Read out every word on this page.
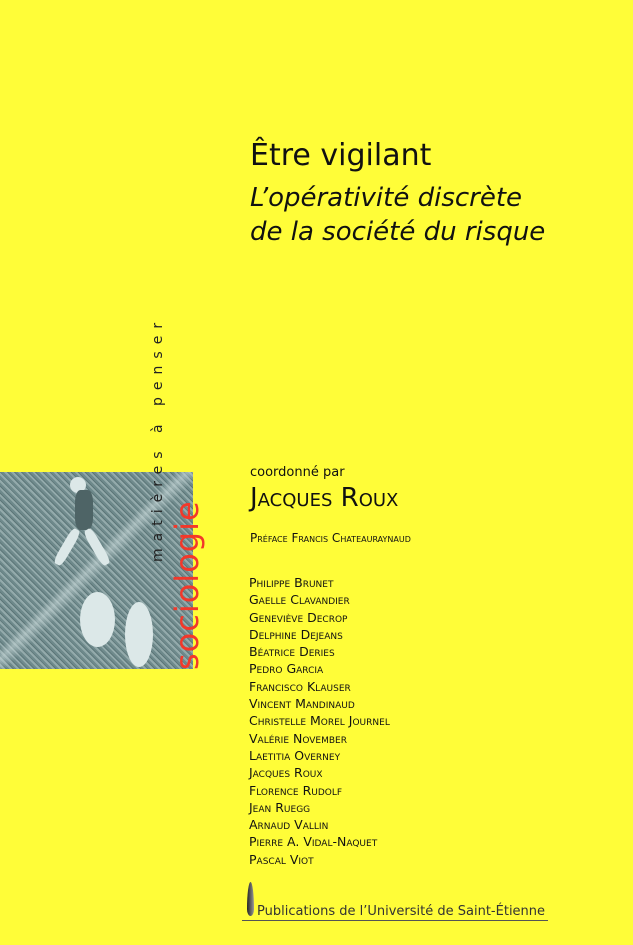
Être vigilant
L’opérativité discrète
de la société du risque
matières à penser
sociologie
coordonné par
Jacques Roux
Préface Francis Chateauraynaud
Philippe Brunet
Gaelle Clavandier
Geneviève Decrop
Delphine Dejeans
Béatrice Deries
Pedro Garcia
Francisco Klauser
Vincent Mandinaud
Christelle Morel Journel
Valérie November
Laetitia Overney
Jacques Roux
Florence Rudolf
Jean Ruegg
Arnaud Vallin
Pierre A. Vidal-Naquet
Pascal Viot
Publications de l’Université de Saint-Étienne
